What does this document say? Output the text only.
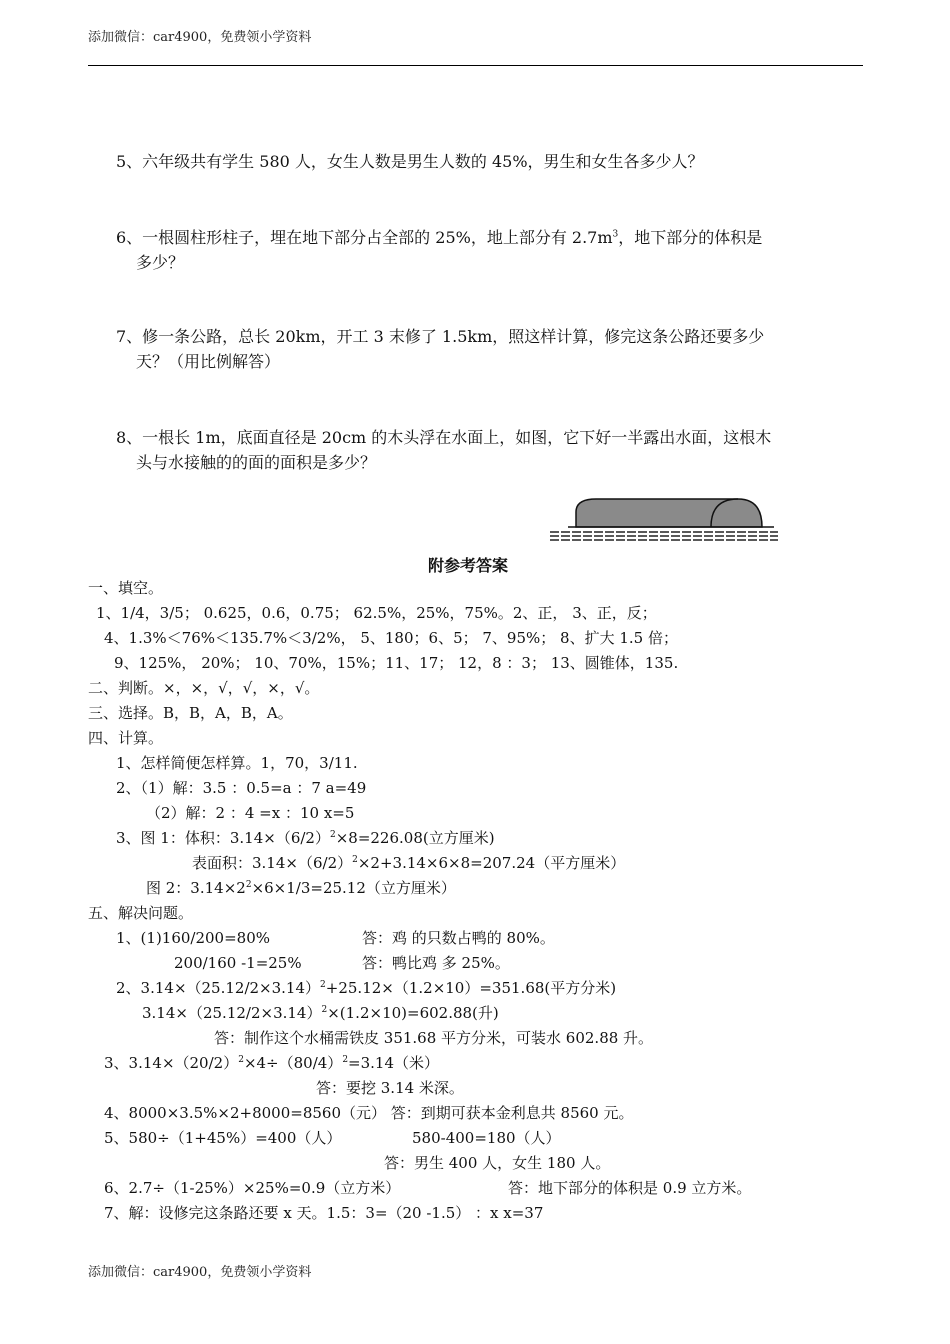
添加微信：car4900，免费领小学资料
5、六年级共有学生 580 人，女生人数是男生人数的 45%，男生和女生各多少人？
6、一根圆柱形柱子，埋在地下部分占全部的 25%，地上部分有 $2.7m^3$，地下部分的体积是
多少？
7、修一条公路，总长 20km，开工 3 末修了 1.5km，照这样计算，修完这条公路还要多少
天？（用比例解答）
8、一根长 1m，底面直径是 20cm 的木头浮在水面上，如图，它下好一半露出水面，这根木
头与水接触的的面的面积是多少？
附参考答案
一、填空。
1、1/4，3/5； 0.625，0.6，0.75； 62.5%，25%，75%。2、正， 3、正，反；
4、1.3%＜76%＜135.7%＜3/2%， 5、180；6、5； 7、95%； 8、扩大 1.5 倍；
9、125%， 20%； 10、70%，15%；11、17； 12，8 ：3； 13、圆锥体，135.
二、判断。×，×，√，√，×，√。
三、选择。B，B，A，B，A。
四、计算。
1、怎样简便怎样算。1，70，3/11.
2、（1）解：3.5 ：0.5=a ：7 a=49
（2）解：2 ：4 =x ：10 x=5
3、图 1：体积：$3.14\times(6/2)^2\times 8=226.08$(立方厘米)
表面积：$3.14\times(6/2)^2\times 2+3.14\times 6\times 8=207.24$（平方厘米）
图 2：$3.14\times 2^2\times 6\times 1/3=25.12$（立方厘米）
五、解决问题。
1、(1)160/200=80%	答：鸡 的只数占鸭的 80%。
200/160 -1=25%	答：鸭比鸡 多 25%。
2、$3.14\times(25.12/2\times 3.14)^2+25.12\times(1.2\times 10)=351.68$(平方分米)
$3.14\times(25.12/2\times 3.14)^2\times(1.2\times 10)=602.88$(升)
答：制作这个水桶需铁皮 351.68 平方分米，可装水 602.88 升。
3、$3.14\times(20/2)^2\times 4\div(80/4)^2=3.14$（米）
答：要挖 3.14 米深。
4、8000×3.5%×2+8000=8560（元） 答：到期可获本金利息共 8560 元。
5、580÷（1+45%）=400（人）	580-400=180（人）
答：男生 400 人，女生 180 人。
6、2.7÷（1-25%）×25%=0.9（立方米）	答：地下部分的体积是 0.9 立方米。
7、解：设修完这条路还要 x 天。1.5：3=（20 -1.5） ：x x=37
添加微信：car4900，免费领小学资料
